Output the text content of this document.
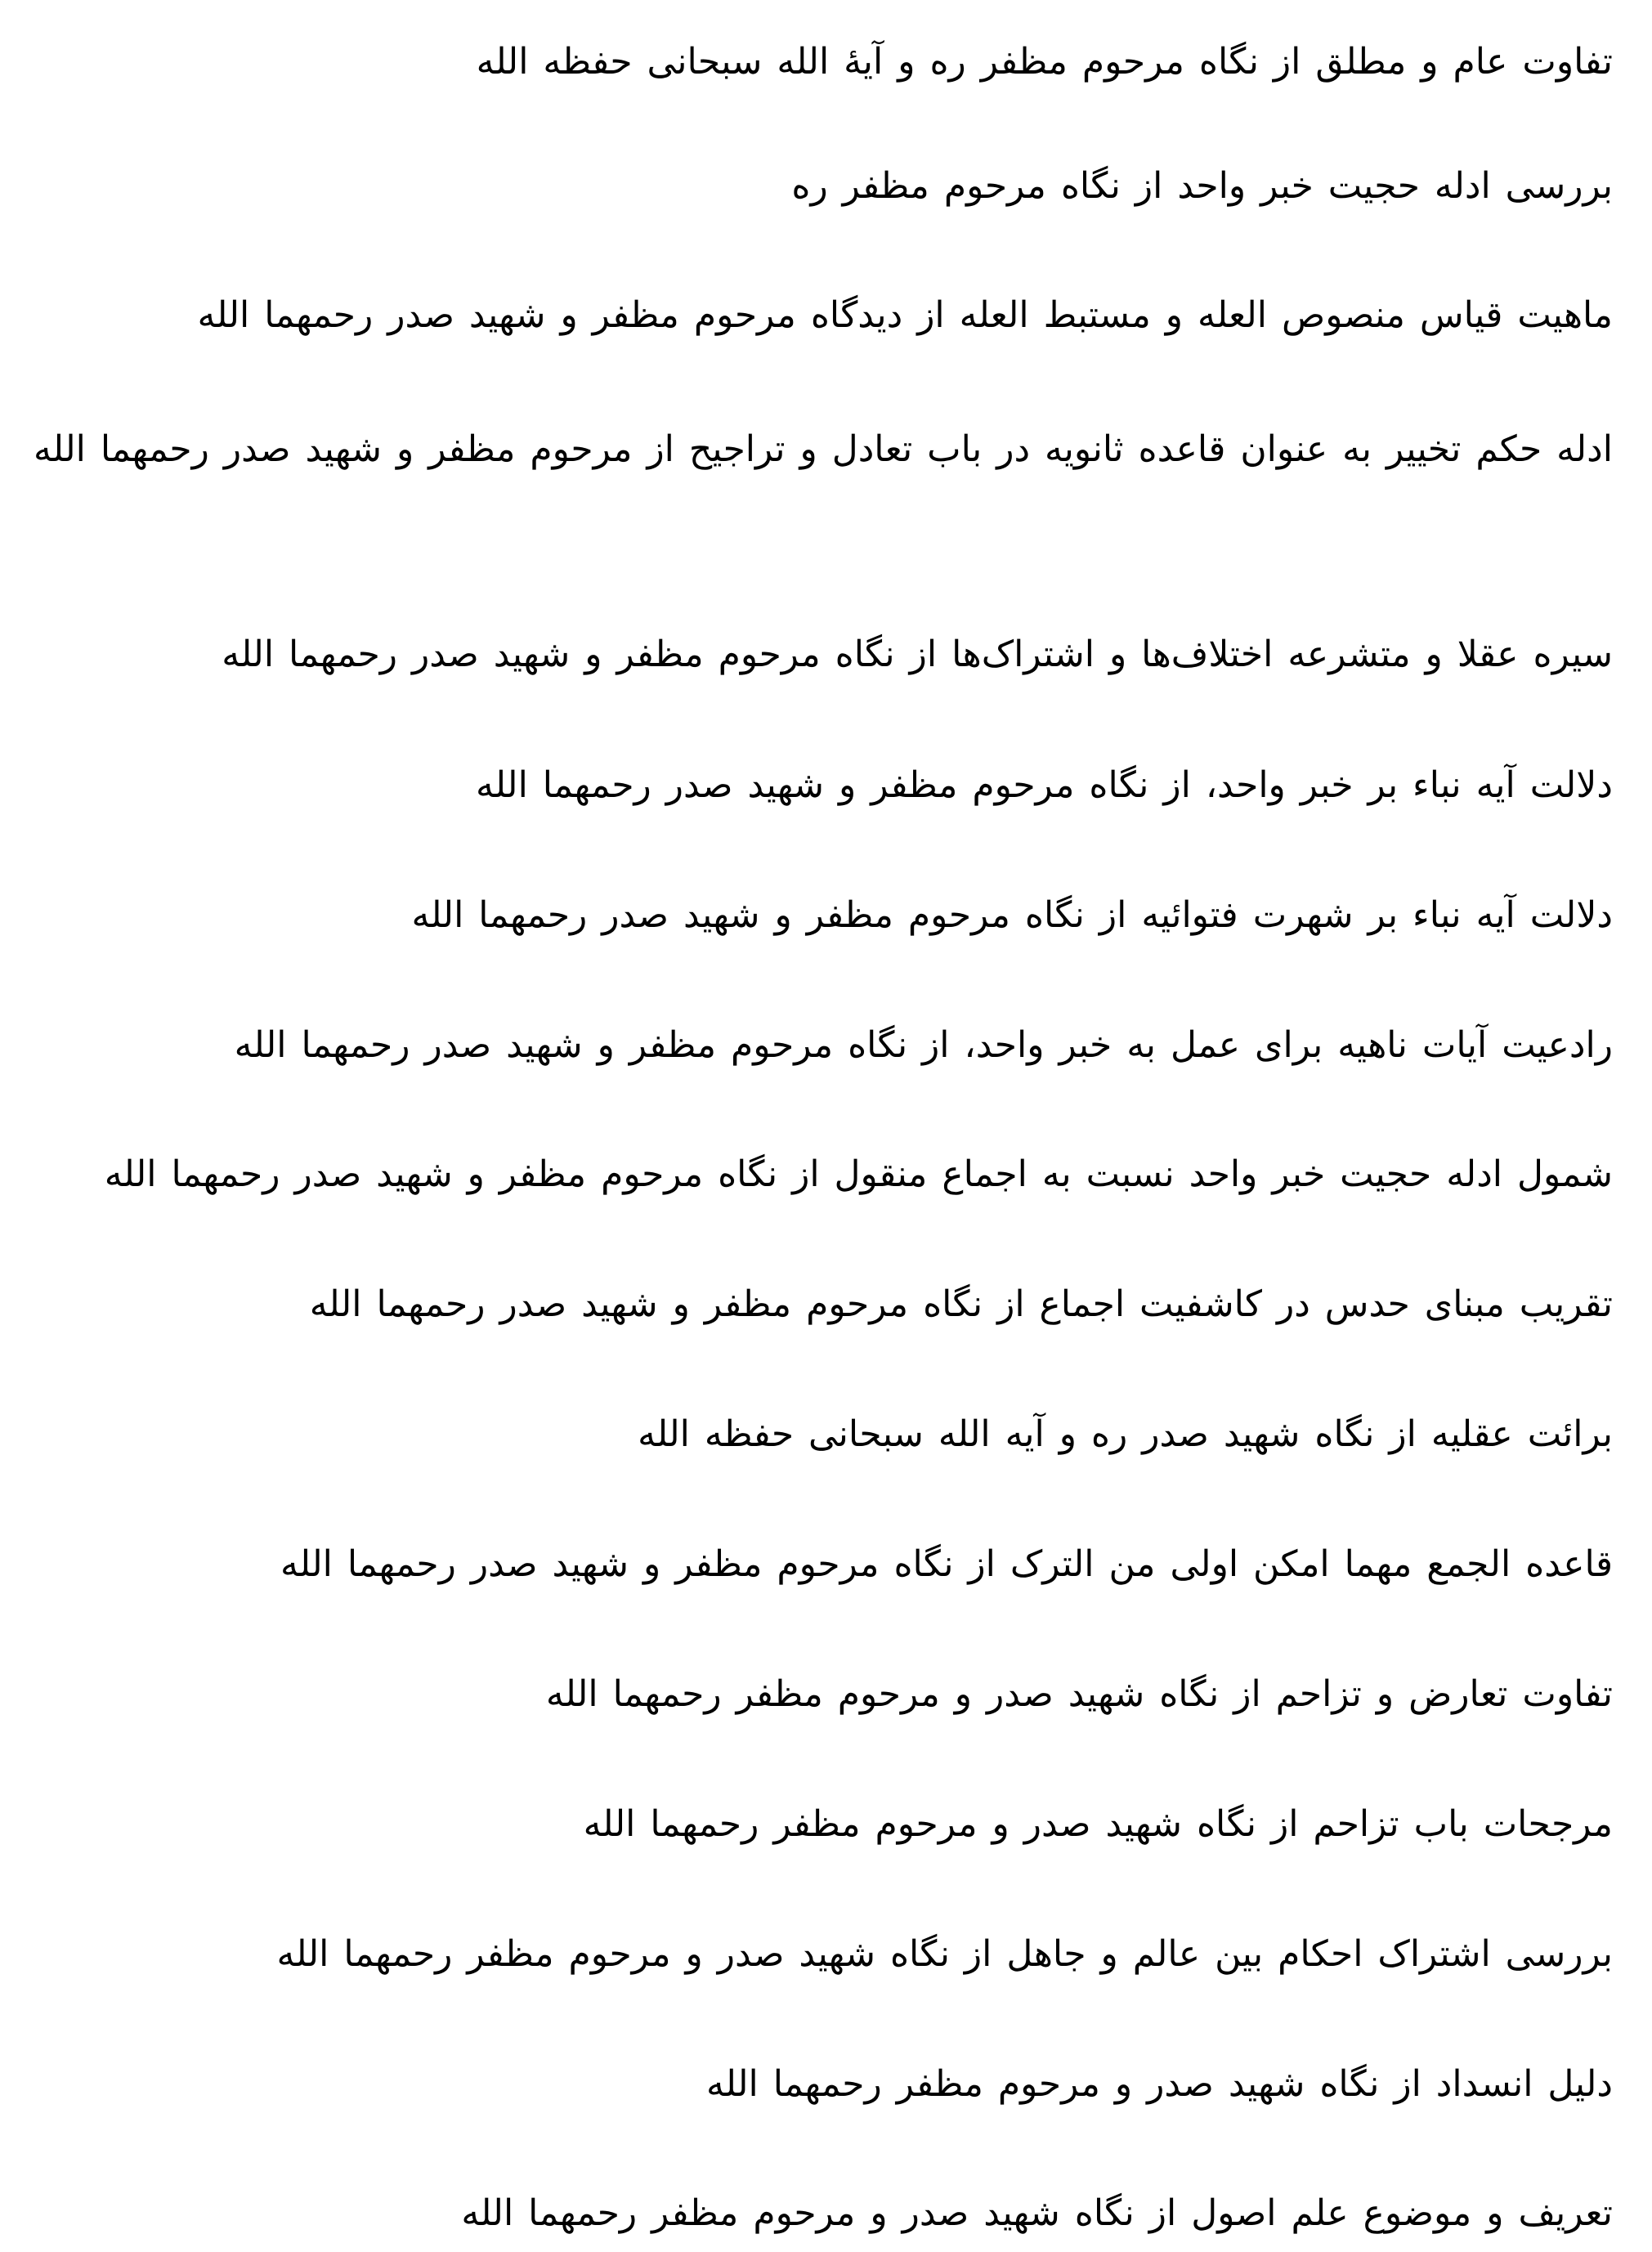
تفاوت عام و مطلق از نگاه مرحوم مظفر ره و آیۀ الله سبحانی حفظه الله
بررسی ادله حجیت خبر واحد از نگاه مرحوم مظفر ره
ماهیت قیاس منصوص العله و مستبط العله از دیدگاه مرحوم مظفر و شهید صدر رحمهما الله
ادله حکم تخییر به عنوان قاعده ثانویه در باب تعادل و تراجیح از مرحوم مظفر و شهید صدر رحمهما الله
سیره عقلا و متشرعه اختلاف‌ها و اشتراک‌ها از نگاه مرحوم مظفر و شهید صدر رحمهما الله
دلالت آیه نباء بر خبر واحد، از نگاه مرحوم مظفر و شهید صدر رحمهما الله
دلالت آیه نباء بر شهرت فتوائیه از نگاه مرحوم مظفر و شهید صدر رحمهما الله
رادعیت آیات ناهیه برای عمل به خبر واحد، از نگاه مرحوم مظفر و شهید صدر رحمهما الله
شمول ادله حجیت خبر واحد نسبت به اجماع منقول از نگاه مرحوم مظفر و شهید صدر رحمهما الله
تقریب مبنای حدس در کاشفیت اجماع از نگاه مرحوم مظفر و شهید صدر رحمهما الله
برائت عقلیه از نگاه شهید صدر ره و آیه الله سبحانی حفظه الله
قاعده الجمع مهما امکن اولی من الترک از نگاه مرحوم مظفر و شهید صدر رحمهما الله
تفاوت تعارض و تزاحم از نگاه شهید صدر و مرحوم مظفر رحمهما الله
مرجحات باب تزاحم از نگاه شهید صدر و مرحوم مظفر رحمهما الله
بررسی اشتراک احکام بین عالم و جاهل از نگاه شهید صدر و مرحوم مظفر رحمهما الله
دلیل انسداد از نگاه شهید صدر و مرحوم مظفر رحمهما الله
تعریف و موضوع علم اصول از نگاه شهید صدر و مرحوم مظفر رحمهما الله
